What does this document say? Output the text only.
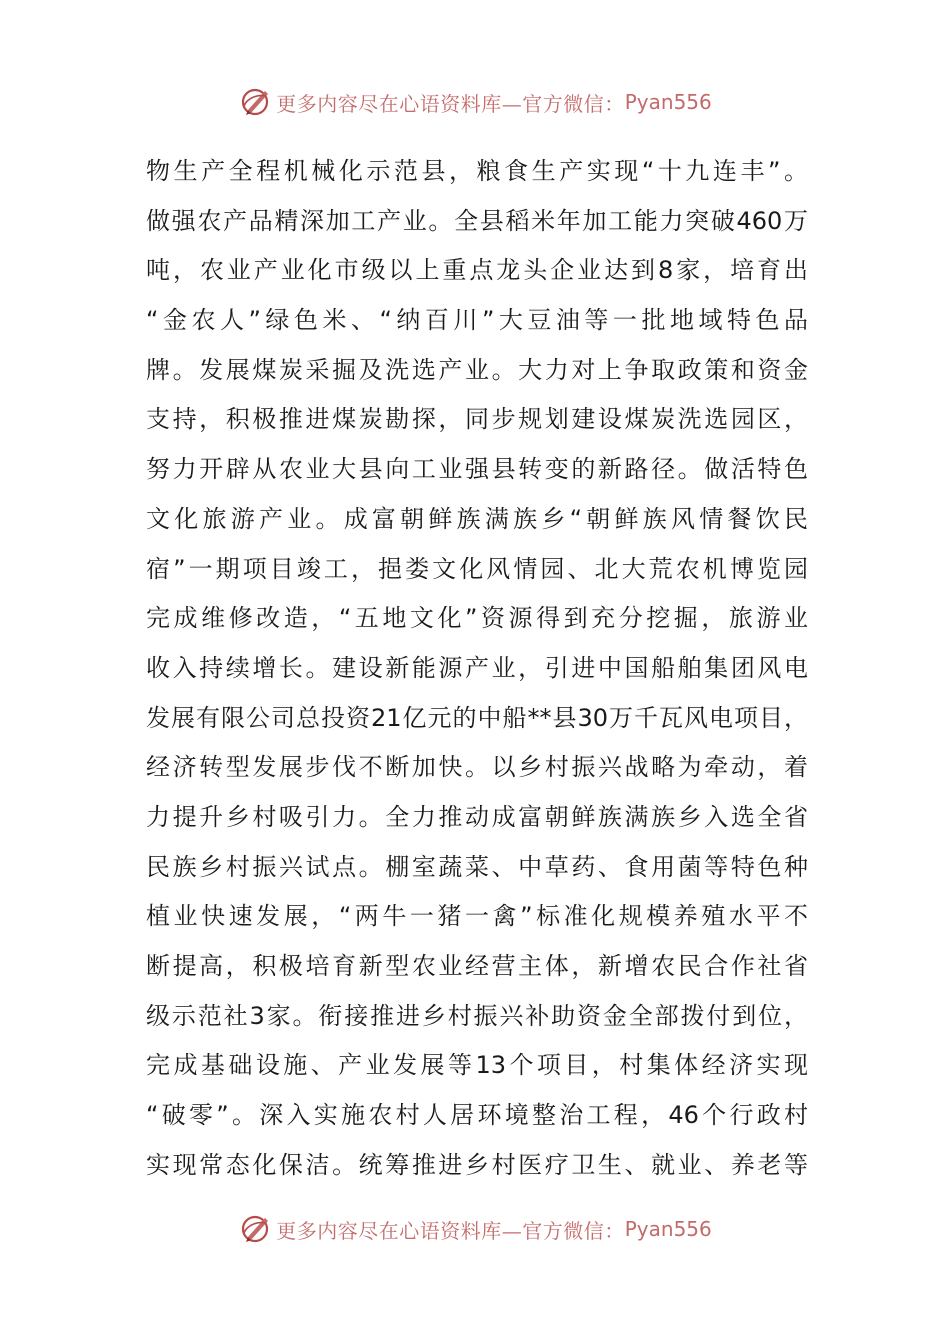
更多内容尽在心语资料库—官方微信： Pyan556
物生产全程机械化示范县，粮食生产实现“十九连丰”。
做强农产品精深加工产业。全县稻米年加工能力突破460万
吨，农业产业化市级以上重点龙头企业达到8家，培育出
“金农人”绿色米、“纳百川”大豆油等一批地域特色品
牌。发展煤炭采掘及洗选产业。大力对上争取政策和资金
支持，积极推进煤炭勘探，同步规划建设煤炭洗选园区，
努力开辟从农业大县向工业强县转变的新路径。做活特色
文化旅游产业。成富朝鲜族满族乡“朝鲜族风情餐饮民
宿”一期项目竣工，挹娄文化风情园、北大荒农机博览园
完成维修改造，“五地文化”资源得到充分挖掘，旅游业
收入持续增长。建设新能源产业，引进中国船舶集团风电
发展有限公司总投资21亿元的中船**县30万千瓦风电项目，
经济转型发展步伐不断加快。以乡村振兴战略为牵动，着
力提升乡村吸引力。全力推动成富朝鲜族满族乡入选全省
民族乡村振兴试点。棚室蔬菜、中草药、食用菌等特色种
植业快速发展，“两牛一猪一禽”标准化规模养殖水平不
断提高，积极培育新型农业经营主体，新增农民合作社省
级示范社3家。衔接推进乡村振兴补助资金全部拨付到位，
完成基础设施、产业发展等13个项目，村集体经济实现
“破零”。深入实施农村人居环境整治工程，46个行政村
实现常态化保洁。统筹推进乡村医疗卫生、就业、养老等
更多内容尽在心语资料库—官方微信： Pyan556
